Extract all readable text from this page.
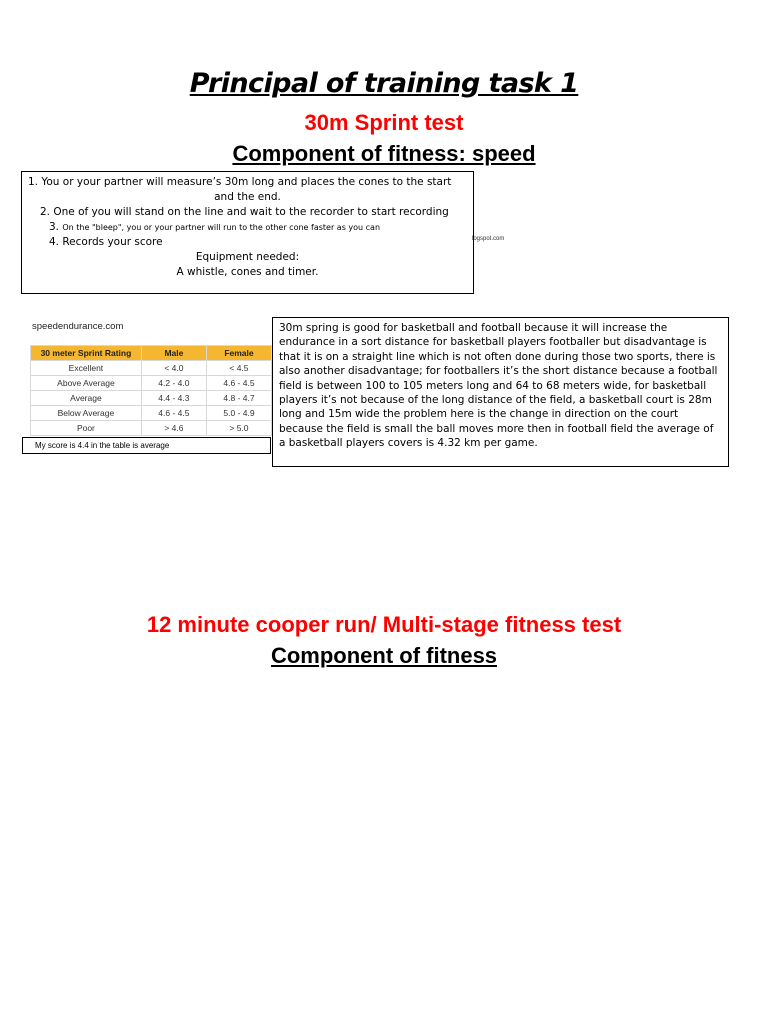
Principal of training task 1
30m Sprint test
Component of fitness: speed
1. You or your partner will measure’s 30m long and places the cones to the start
and the end.
2. One of you will stand on the line and wait to the recorder to start recording
3. On the "bleep", you or your partner will run to the other cone faster as you can
4. Records your score
Equipment needed:
A whistle, cones and timer.
logspot.com
speedendurance.com
30 meter Sprint Rating	Male	Female
Excellent	< 4.0	< 4.5
Above Average	4.2 - 4.0	4.6 - 4.5
Average	4.4 - 4.3	4.8 - 4.7
Below Average	4.6 - 4.5	5.0 - 4.9
Poor	> 4.6	> 5.0
My score is 4.4 in the table is average
30m spring is good for basketball and football because it will increase the endurance in a sort distance for basketball players footballer but disadvantage is that it is on a straight line which is not often done during those two sports, there is also another disadvantage; for footballers it’s the short distance because a football field is between 100 to 105 meters long and 64 to 68 meters wide, for basketball players it’s not because of the long distance of the field, a basketball court is 28m long and 15m wide the problem here is the change in direction on the court because the field is small the ball moves more then in football field the average of a basketball players covers is 4.32 km per game.
12 minute cooper run/ Multi-stage fitness test
Component of fitness
